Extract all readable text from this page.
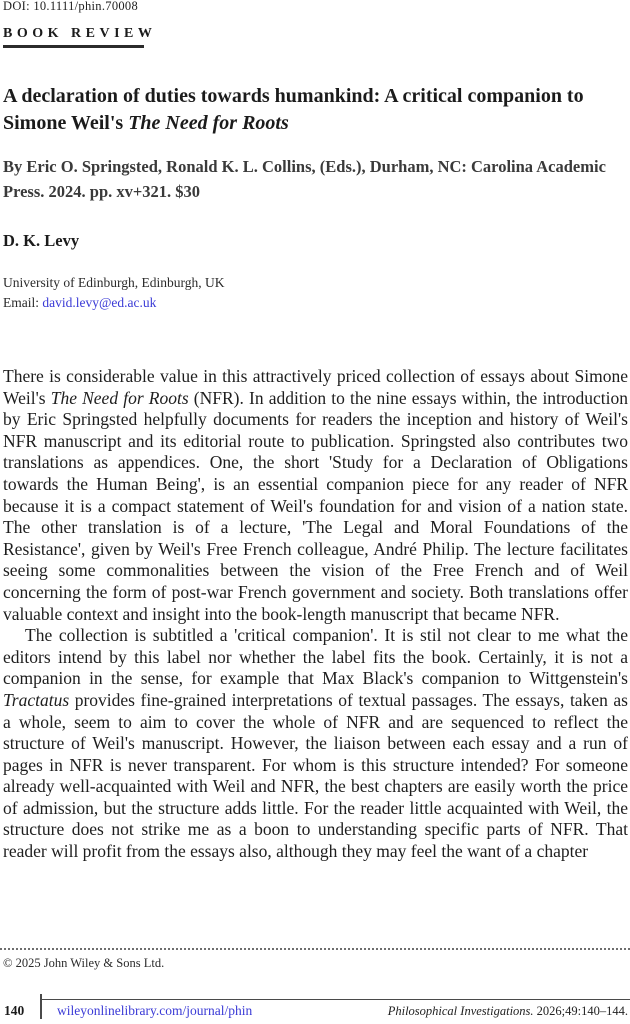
DOI: 10.1111/phin.70008
BOOK REVIEW
A declaration of duties towards humankind: A critical companion to Simone Weil's The Need for Roots
By Eric O. Springsted, Ronald K. L. Collins, (Eds.), Durham, NC: Carolina Academic Press. 2024. pp. xv+321. $30
D. K. Levy
University of Edinburgh, Edinburgh, UK
Email: david.levy@ed.ac.uk

There is considerable value in this attractively priced collection of essays about Simone Weil's The Need for Roots (NFR). In addition to the nine essays within, the introduction by Eric Springsted helpfully documents for readers the inception and history of Weil's NFR manuscript and its editorial route to publication. Springsted also contributes two translations as appendices. One, the short 'Study for a Declaration of Obligations towards the Human Being', is an essential companion piece for any reader of NFR because it is a compact statement of Weil's foundation for and vision of a nation state. The other translation is of a lecture, 'The Legal and Moral Foundations of the Resistance', given by Weil's Free French colleague, André Philip. The lecture facilitates seeing some commonalities between the vision of the Free French and of Weil concerning the form of post-war French government and society. Both translations offer valuable context and insight into the book-length manuscript that became NFR.

The collection is subtitled a 'critical companion'. It is stil not clear to me what the editors intend by this label nor whether the label fits the book. Certainly, it is not a companion in the sense, for example that Max Black's companion to Wittgenstein's Tractatus provides fine-grained interpretations of textual passages. The essays, taken as a whole, seem to aim to cover the whole of NFR and are sequenced to reflect the structure of Weil's manuscript. However, the liaison between each essay and a run of pages in NFR is never transparent. For whom is this structure intended? For someone already well-acquainted with Weil and NFR, the best chapters are easily worth the price of admission, but the structure adds little. For the reader little acquainted with Weil, the structure does not strike me as a boon to understanding specific parts of NFR. That reader will profit from the essays also, although they may feel the want of a chapter

© 2025 John Wiley & Sons Ltd.
140 wileyonlinelibrary.com/journal/phin	Philosophical Investigations. 2026;49:140–144.
